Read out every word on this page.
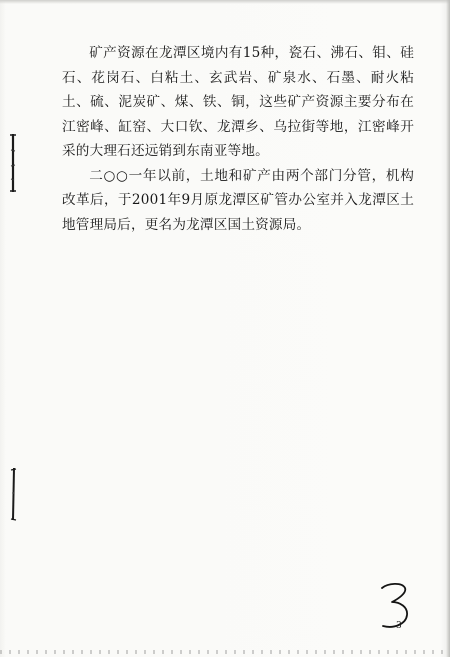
矿产资源在龙潭区境内有15种，瓷石、沸石、钼、硅石、花岗石、白粘土、玄武岩、矿泉水、石墨、耐火粘土、硫、泥炭矿、煤、铁、铜，这些矿产资源主要分布在江密峰、缸窑、大口钦、龙潭乡、乌拉街等地，江密峰开采的大理石还远销到东南亚等地。

二○○一年以前，土地和矿产由两个部门分管，机构改革后，于2001年9月原龙潭区矿管办公室并入龙潭区土地管理局后，更名为龙潭区国土资源局。

3
